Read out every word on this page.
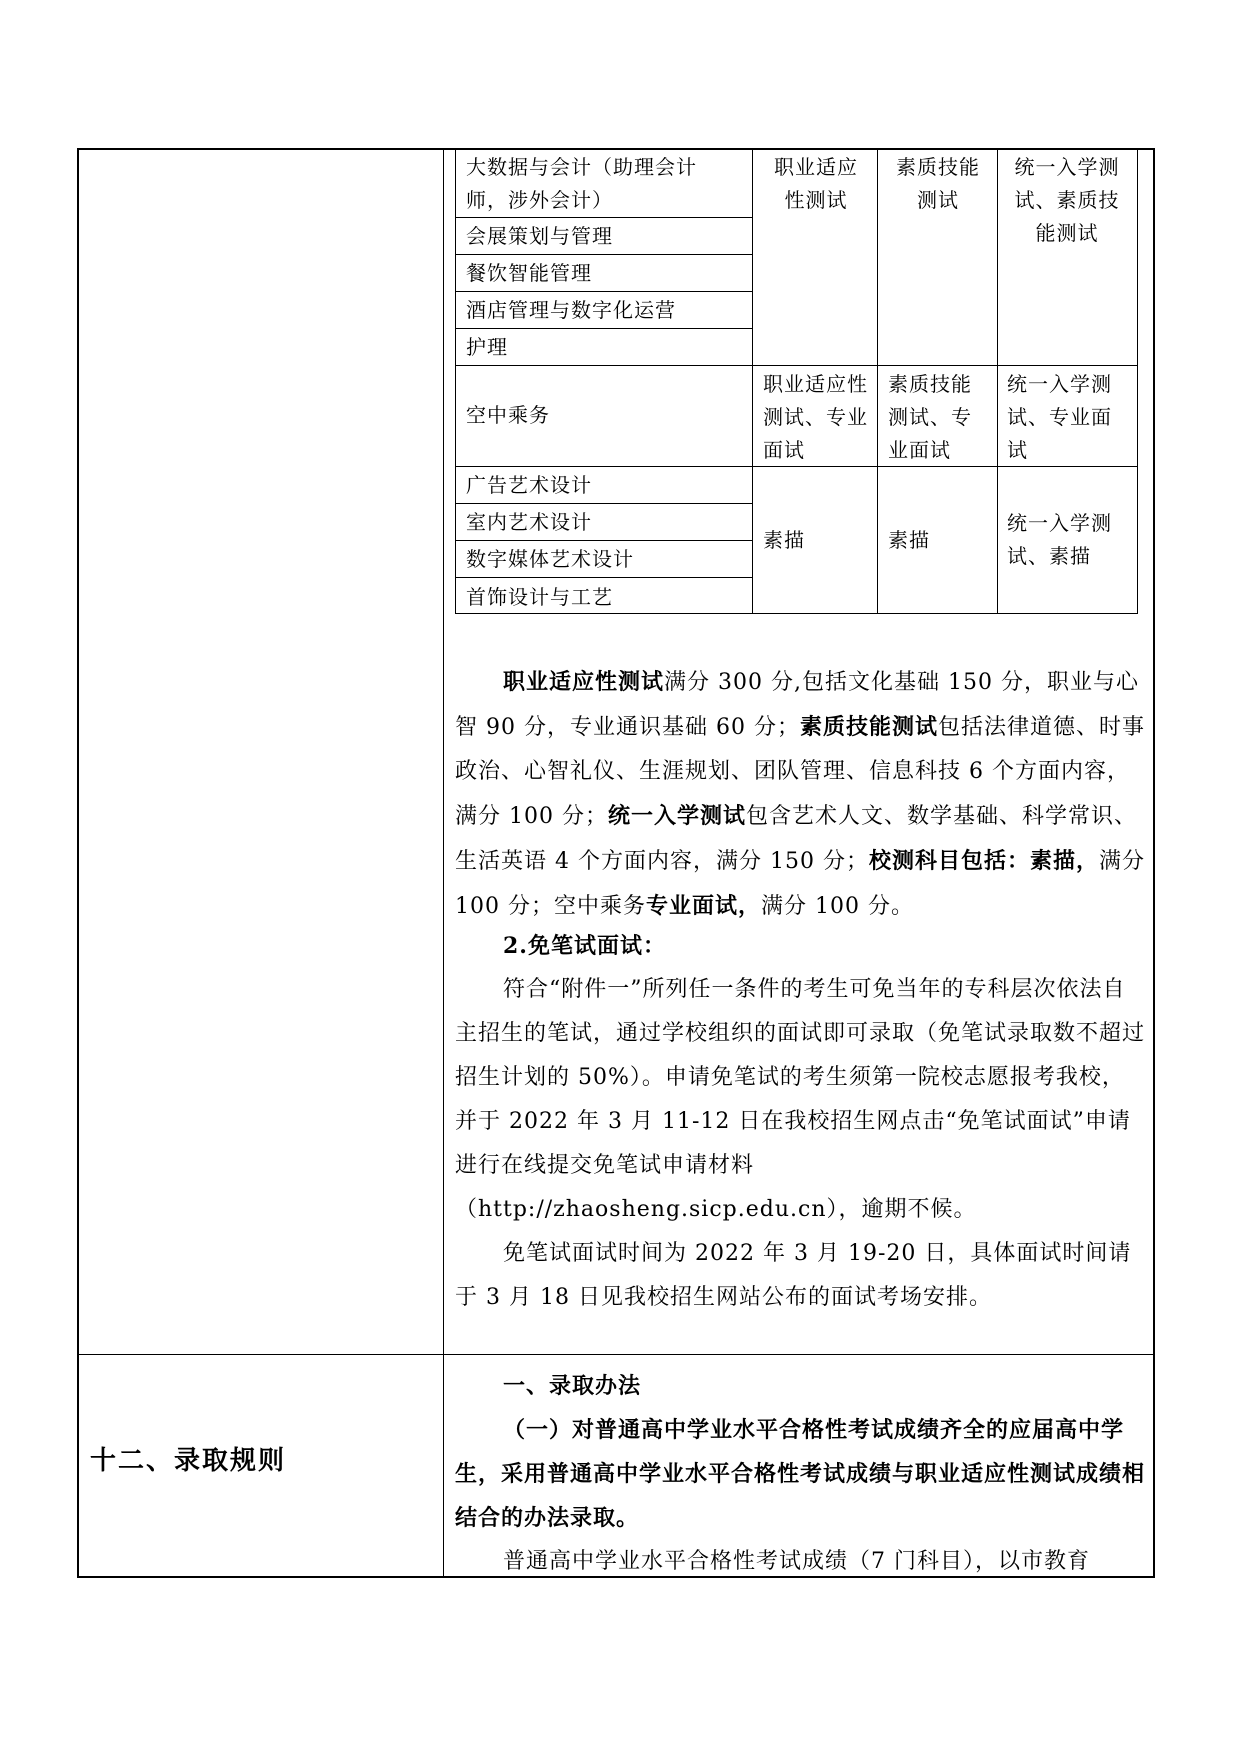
大数据与会计（助理会计师，涉外会计）
会展策划与管理
餐饮智能管理
酒店管理与数字化运营
护理
职业适应性测试
素质技能测试
统一入学测试、素质技能测试
空中乘务
职业适应性测试、专业面试
素质技能测试、专业面试
统一入学测试、专业面试
广告艺术设计
室内艺术设计
数字媒体艺术设计
首饰设计与工艺
素描	素描
统一入学测试、素描
职业适应性测试满分 300 分,包括文化基础 150 分，职业与心智 90 分，专业通识基础 60 分；素质技能测试包括法律道德、时事政治、心智礼仪、生涯规划、团队管理、信息科技 6 个方面内容，满分 100 分；统一入学测试包含艺术人文、数学基础、科学常识、生活英语 4 个方面内容，满分 150 分；校测科目包括：素描，满分 100 分；空中乘务专业面试，满分 100 分。
2.免笔试面试：
符合“附件一”所列任一条件的考生可免当年的专科层次依法自主招生的笔试，通过学校组织的面试即可录取（免笔试录取数不超过招生计划的 50%）。申请免笔试的考生须第一院校志愿报考我校，并于 2022 年 3 月 11-12 日在我校招生网点击“免笔试面试”申请进行在线提交免笔试申请材料（http://zhaosheng.sicp.edu.cn），逾期不候。
免笔试面试时间为 2022 年 3 月 19-20 日，具体面试时间请于 3 月 18 日见我校招生网站公布的面试考场安排。
十二、录取规则
一、录取办法
（一）对普通高中学业水平合格性考试成绩齐全的应届高中学生，采用普通高中学业水平合格性考试成绩与职业适应性测试成绩相结合的办法录取。
普通高中学业水平合格性考试成绩（7 门科目），以市教育
